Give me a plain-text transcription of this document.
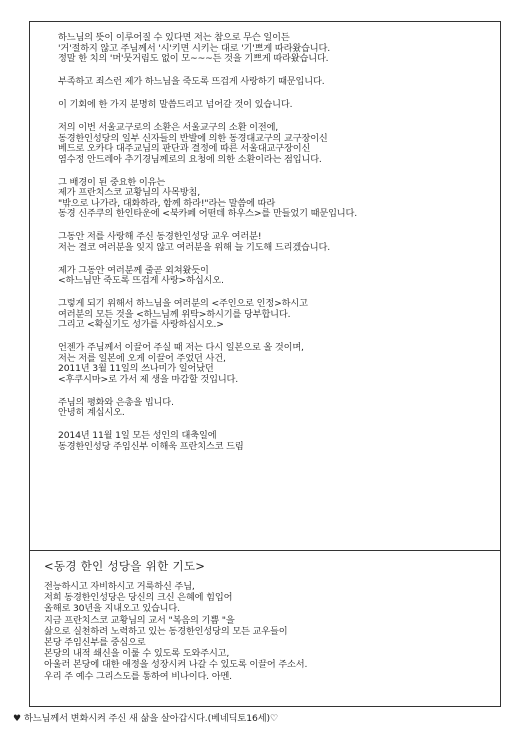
하느님의 뜻이 이루어질 수 있다면 저는 참으로 무슨 일이든
'거'절하지 않고 주님께서 '시'키면 시키는 대로 '기'쁘게 따라왔습니다.
정말 한 치의 '머'뭇거림도 없이 모~~~든 것을 기쁘게 따라왔습니다.
부족하고 죄스런 제가 하느님을 죽도록 뜨겁게 사랑하기 때문입니다.
이 기회에 한 가지 분명히 말씀드리고 넘어갈 것이 있습니다.
저의 이번 서울교구로의 소환은 서울교구의 소환 이전에,
동경한인성당의 일부 신자들의 반발에 의한 동경대교구의 교구장이신
베드로 오카다 대주교님의 판단과 결정에 따른 서울대교구장이신
염수정 안드레아 추기경님께로의 요청에 의한 소환이라는 점입니다.
그 배경이 된 중요한 이유는
제가 프란치스코 교황님의 사목방침,
"밖으로 나가라, 대화하라, 함께 하라!"라는 말씀에 따라
동경 신주쿠의 한인타운에 <북카페 어떤데 하우스>를 만들었기 때문입니다.
그동안 저를 사랑해 주신 동경한인성당 교우 여러분!
저는 결코 여러분을 잊지 않고 여러분을 위해 늘 기도해 드리겠습니다.
제가 그동안 여러분께 줄곧 외쳐왔듯이
<하느님만 죽도록 뜨겁게 사랑>하십시오.
그렇게 되기 위해서 하느님을 여러분의 <주인으로 인정>하시고
여러분의 모든 것을 <하느님께 위탁>하시기를 당부합니다.
그리고 <확실기도 성가를 사랑하십시오.>
언젠가 주님께서 이끌어 주실 때 저는 다시 일본으로 올 것이며,
저는 저를 일본에 오게 이끌어 주었던 사건,
2011년 3월 11일의 쓰나미가 일어났던
<후쿠시마>로 가서 제 생을 마감할 것입니다.
주님의 평화와 은총을 빕니다.
안녕히 계십시오.
2014년 11월 1일 모든 성인의 대축일에
동경한인성당 주임신부 이해욱 프란치스코 드림
<동경 한인 성당을 위한 기도>
전능하시고 자비하시고 거룩하신 주님,
저희 동경한인성당은 당신의 크신 은혜에 힘입어
올해로 30년을 지내오고 있습니다.
지금 프란치스코 교황님의 교서 "복음의 기쁨 "을
삶으로 실천하려 노력하고 있는 동경한인성당의 모든 교우들이
본당 주임신부를 중심으로
본당의 내적 쇄신을 이룰 수 있도록 도와주시고,
아울러 본당에 대한 애정을 성장시켜 나갈 수 있도록 이끌어 주소서.
우리 주 예수 그리스도를 통하여 비나이다. 아멘.
♥ 하느님께서 변화시켜 주신 새 삶을 살아갑시다.(베네딕토16세)♡
